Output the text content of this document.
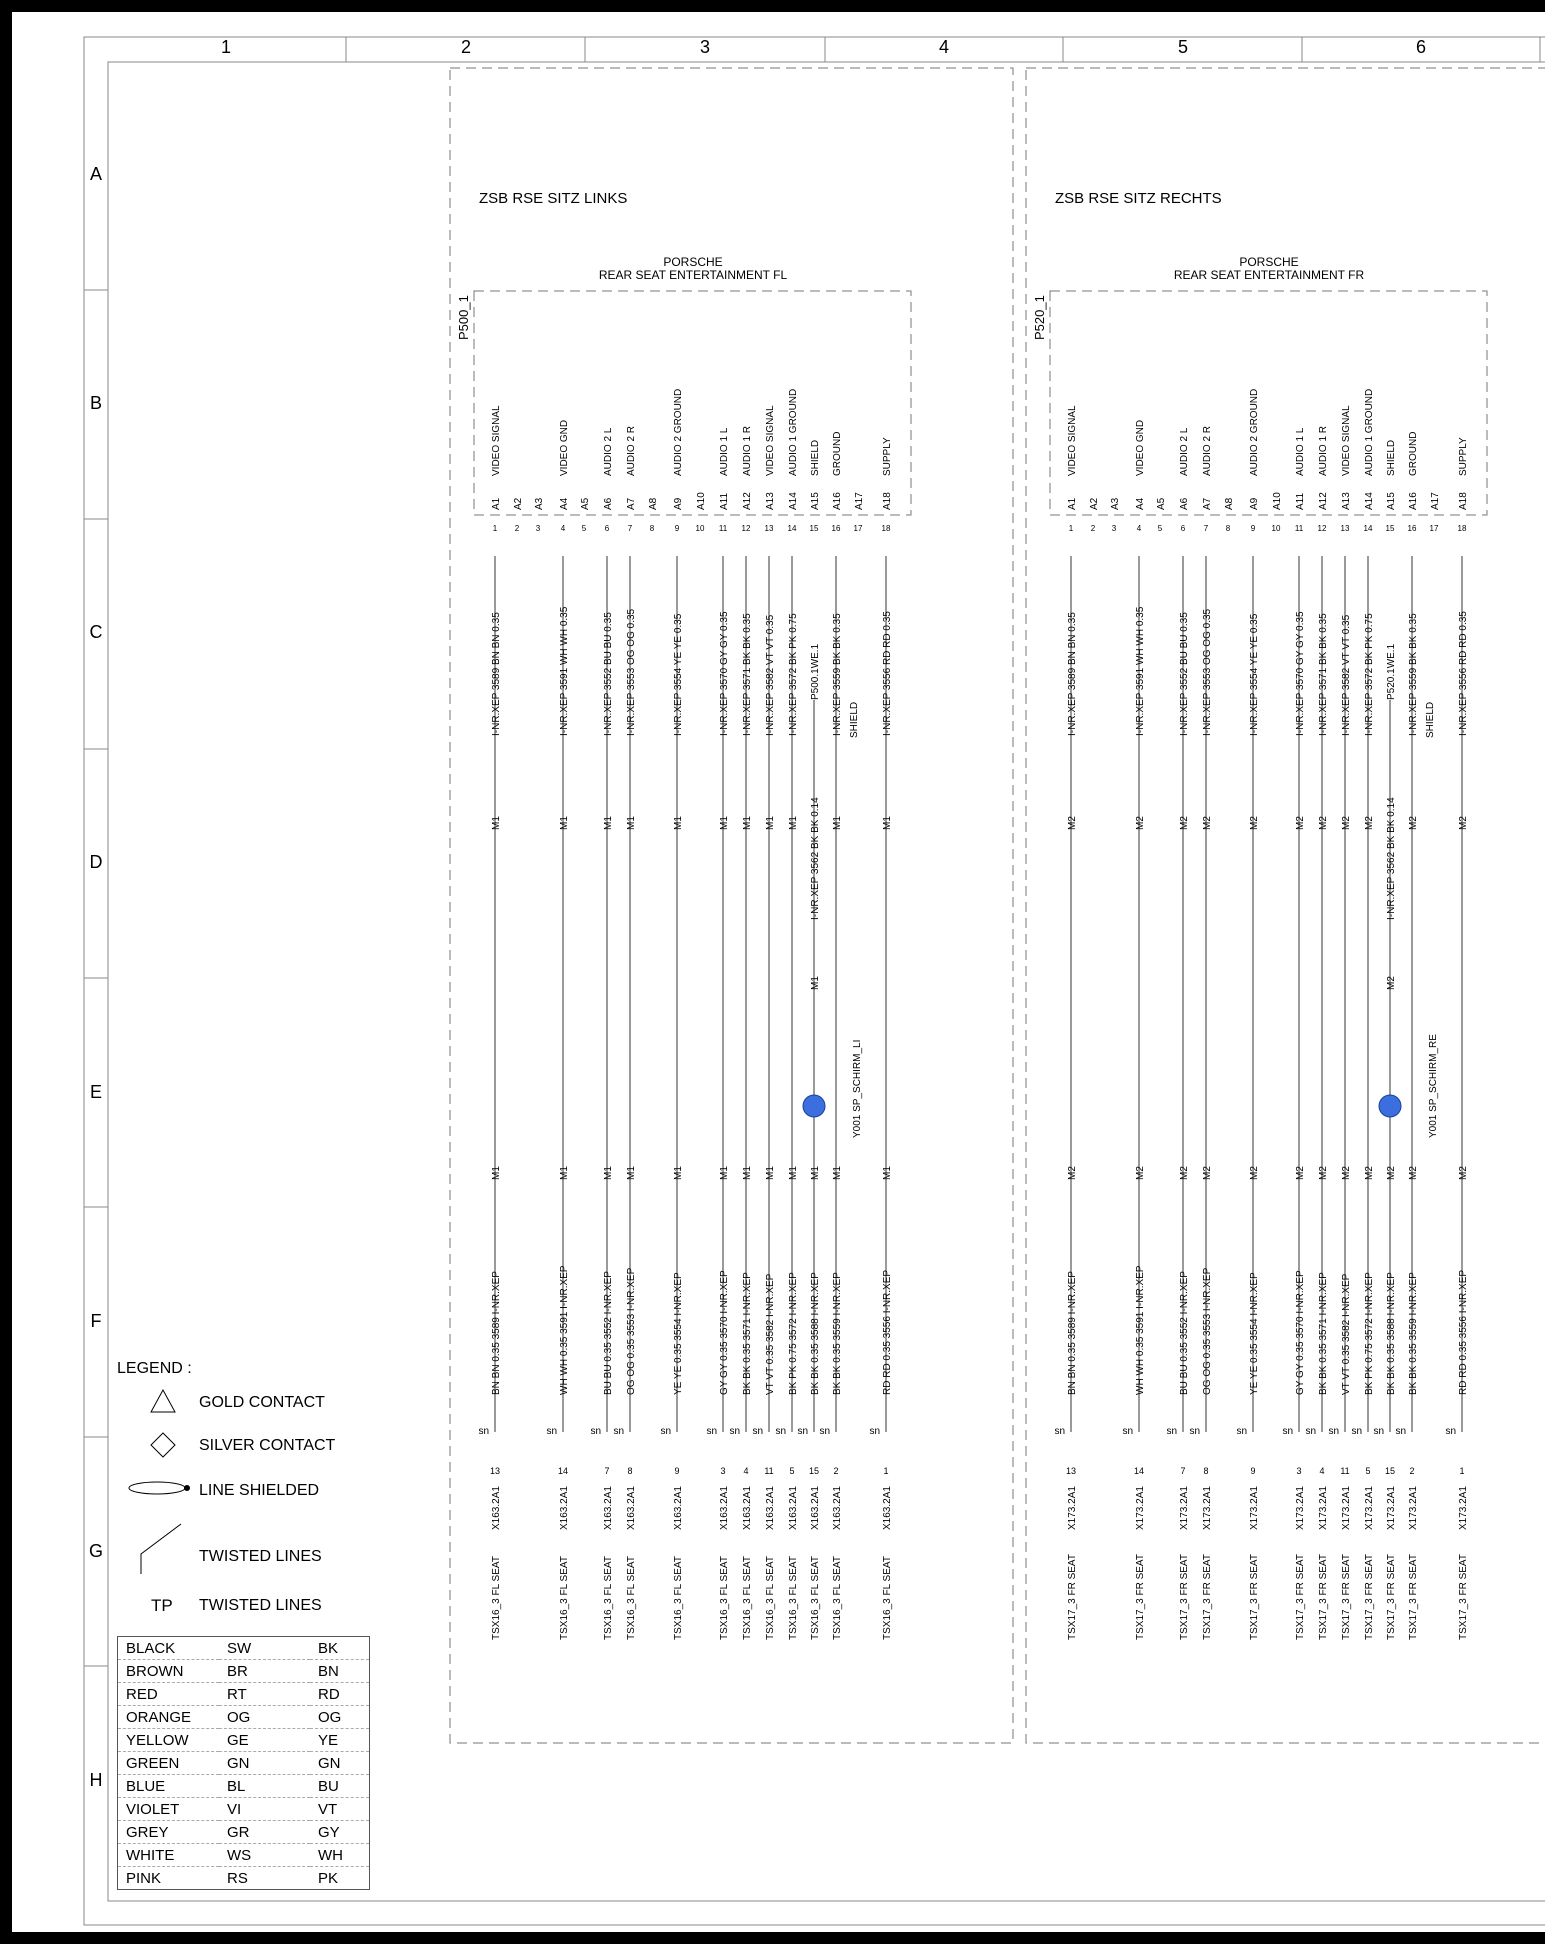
1	2	3	4	5	6
A
B
C
D
E
F
G
H
ZSB RSE SITZ LINKS
PORSCHE
REAR SEAT ENTERTAINMENT FL
P500_1
VIDEO SIGNAL
A1
1
I-NR.XEP 3589 BN BN 0.35
M1
M1
BN BN 0.35 3589 I-NR.XEP
sn
13
X163.2A1
TSX16_3 FL SEAT
A2
2
A3
3
VIDEO GND
A4
4
I-NR.XEP 3591 WH WH 0.35
M1
M1
WH WH 0.35 3591 I-NR.XEP
sn
14
X163.2A1
TSX16_3 FL SEAT
A5
5
AUDIO 2 L
A6
6
I-NR.XEP 3552 BU BU 0.35
M1
M1
BU BU 0.35 3552 I-NR.XEP
sn
7
X163.2A1
TSX16_3 FL SEAT
AUDIO 2 R
A7
7
I-NR.XEP 3553 OG OG 0.35
M1
M1
OG OG 0.35 3553 I-NR.XEP
sn
8
X163.2A1
TSX16_3 FL SEAT
A8
8
AUDIO 2 GROUND
A9
9
I-NR.XEP 3554 YE YE 0.35
M1
M1
YE YE 0.35 3554 I-NR.XEP
sn
9
X163.2A1
TSX16_3 FL SEAT
A10
10
AUDIO 1 L
A11
11
I-NR.XEP 3570 GY GY 0.35
M1
M1
GY GY 0.35 3570 I-NR.XEP
sn
3
X163.2A1
TSX16_3 FL SEAT
AUDIO 1 R
A12
12
I-NR.XEP 3571 BK BK 0.35
M1
M1
BK BK 0.35 3571 I-NR.XEP
sn
4
X163.2A1
TSX16_3 FL SEAT
VIDEO SIGNAL
A13
13
I-NR.XEP 3582 VT VT 0.35
M1
M1
VT VT 0.35 3582 I-NR.XEP
sn
11
X163.2A1
TSX16_3 FL SEAT
AUDIO 1 GROUND
A14
14
I-NR.XEP 3572 BK PK 0.75
M1
M1
BK PK 0.75 3572 I-NR.XEP
sn
5
X163.2A1
TSX16_3 FL SEAT
SHIELD
A15
15
I-NR.XEP 3562 BK BK 0.14
M1
P500.1WE.1
Y001 SP_SCHIRM_LI
M1
BK BK 0.35 3588 I-NR.XEP
sn
15
X163.2A1
TSX16_3 FL SEAT
GROUND
A16
16
I-NR.XEP 3559 BK BK 0.35
M1
SHIELD
M1
BK BK 0.35 3559 I-NR.XEP
sn
2
X163.2A1
TSX16_3 FL SEAT
A17
17
SUPPLY
A18
18
I-NR.XEP 3556 RD RD 0.35
M1
M1
RD RD 0.35 3556 I-NR.XEP
sn
1
X163.2A1
TSX16_3 FL SEAT
ZSB RSE SITZ RECHTS
PORSCHE
REAR SEAT ENTERTAINMENT FR
P520_1
VIDEO SIGNAL
A1
1
I-NR.XEP 3589 BN BN 0.35
M2
M2
BN BN 0.35 3589 I-NR.XEP
sn
13
X173.2A1
TSX17_3 FR SEAT
A2
2
A3
3
VIDEO GND
A4
4
I-NR.XEP 3591 WH WH 0.35
M2
M2
WH WH 0.35 3591 I-NR.XEP
sn
14
X173.2A1
TSX17_3 FR SEAT
A5
5
AUDIO 2 L
A6
6
I-NR.XEP 3552 BU BU 0.35
M2
M2
BU BU 0.35 3552 I-NR.XEP
sn
7
X173.2A1
TSX17_3 FR SEAT
AUDIO 2 R
A7
7
I-NR.XEP 3553 OG OG 0.35
M2
M2
OG OG 0.35 3553 I-NR.XEP
sn
8
X173.2A1
TSX17_3 FR SEAT
A8
8
AUDIO 2 GROUND
A9
9
I-NR.XEP 3554 YE YE 0.35
M2
M2
YE YE 0.35 3554 I-NR.XEP
sn
9
X173.2A1
TSX17_3 FR SEAT
A10
10
AUDIO 1 L
A11
11
I-NR.XEP 3570 GY GY 0.35
M2
M2
GY GY 0.35 3570 I-NR.XEP
sn
3
X173.2A1
TSX17_3 FR SEAT
AUDIO 1 R
A12
12
I-NR.XEP 3571 BK BK 0.35
M2
M2
BK BK 0.35 3571 I-NR.XEP
sn
4
X173.2A1
TSX17_3 FR SEAT
VIDEO SIGNAL
A13
13
I-NR.XEP 3582 VT VT 0.35
M2
M2
VT VT 0.35 3582 I-NR.XEP
sn
11
X173.2A1
TSX17_3 FR SEAT
AUDIO 1 GROUND
A14
14
I-NR.XEP 3572 BK PK 0.75
M2
M2
BK PK 0.75 3572 I-NR.XEP
sn
5
X173.2A1
TSX17_3 FR SEAT
SHIELD
A15
15
I-NR.XEP 3562 BK BK 0.14
M2
P520.1WE.1
Y001 SP_SCHIRM_RE
M2
BK BK 0.35 3588 I-NR.XEP
sn
15
X173.2A1
TSX17_3 FR SEAT
GROUND
A16
16
I-NR.XEP 3559 BK BK 0.35
M2
SHIELD
M2
BK BK 0.35 3559 I-NR.XEP
sn
2
X173.2A1
TSX17_3 FR SEAT
A17
17
SUPPLY
A18
18
I-NR.XEP 3556 RD RD 0.35
M2
M2
RD RD 0.35 3556 I-NR.XEP
sn
1
X173.2A1
TSX17_3 FR SEAT
LEGEND :
GOLD CONTACT
SILVER CONTACT
LINE SHIELDED
TWISTED LINES
TP TWISTED LINES
BLACK	SW	BK
BROWN	BR	BN
RED	RT	RD
ORANGE	OG	OG
YELLOW	GE	YE
GREEN	GN	GN
BLUE	BL	BU
VIOLET	VI	VT
GREY	GR	GY
WHITE	WS	WH
PINK	RS	PK
